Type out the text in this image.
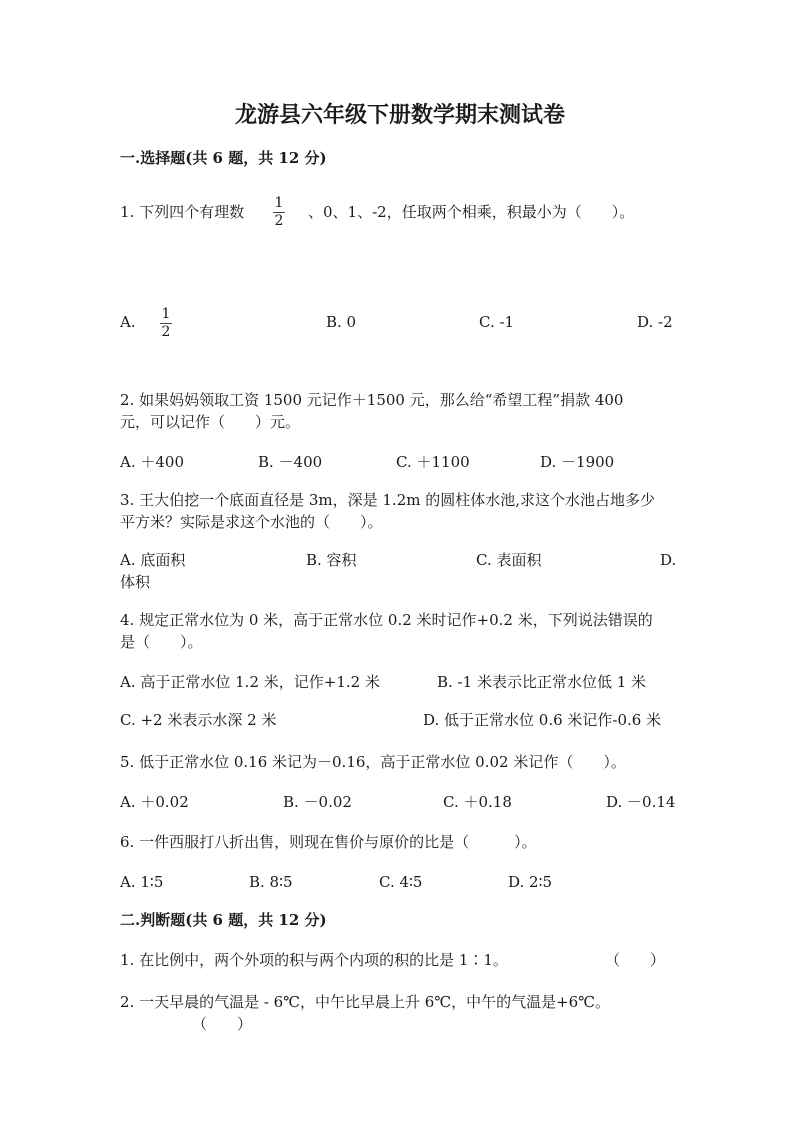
龙游县六年级下册数学期末测试卷
一.选择题(共 6 题，共 12 分)
1. 下列四个有理数 1
2 、0、1、-2，任取两个相乘，积最小为（　　）。
A. 1
2
B. 0	C. -1	D. -2
2. 如果妈妈领取工资 1500 元记作＋1500 元，那么给“希望工程”捐款 400
元，可以记作（　　）元。
A. ＋400	B. －400	C. ＋1100	D. －1900
3. 王大伯挖一个底面直径是 3m，深是 1.2m 的圆柱体水池,求这个水池占地多少
平方米？实际是求这个水池的（　　）。
A. 底面积	B. 容积	C. 表面积	D.
体积
4. 规定正常水位为 0 米，高于正常水位 0.2 米时记作+0.2 米，下列说法错误的
是（　　）。
A. 高于正常水位 1.2 米，记作+1.2 米	B. -1 米表示比正常水位低 1 米
C. +2 米表示水深 2 米	D. 低于正常水位 0.6 米记作-0.6 米
5. 低于正常水位 0.16 米记为－0.16，高于正常水位 0.02 米记作（　　）。
A. ＋0.02	B. －0.02	C. ＋0.18	D. －0.14
6. 一件西服打八折出售，则现在售价与原价的比是（　　　）。
A. 1∶5	B. 8∶5	C. 4∶5	D. 2∶5
二.判断题(共 6 题，共 12 分)
1. 在比例中，两个外项的积与两个内项的积的比是 1∶1。	（　　）
2. 一天早晨的气温是 - 6℃，中午比早晨上升 6℃，中午的气温是+6℃。
（　　）
